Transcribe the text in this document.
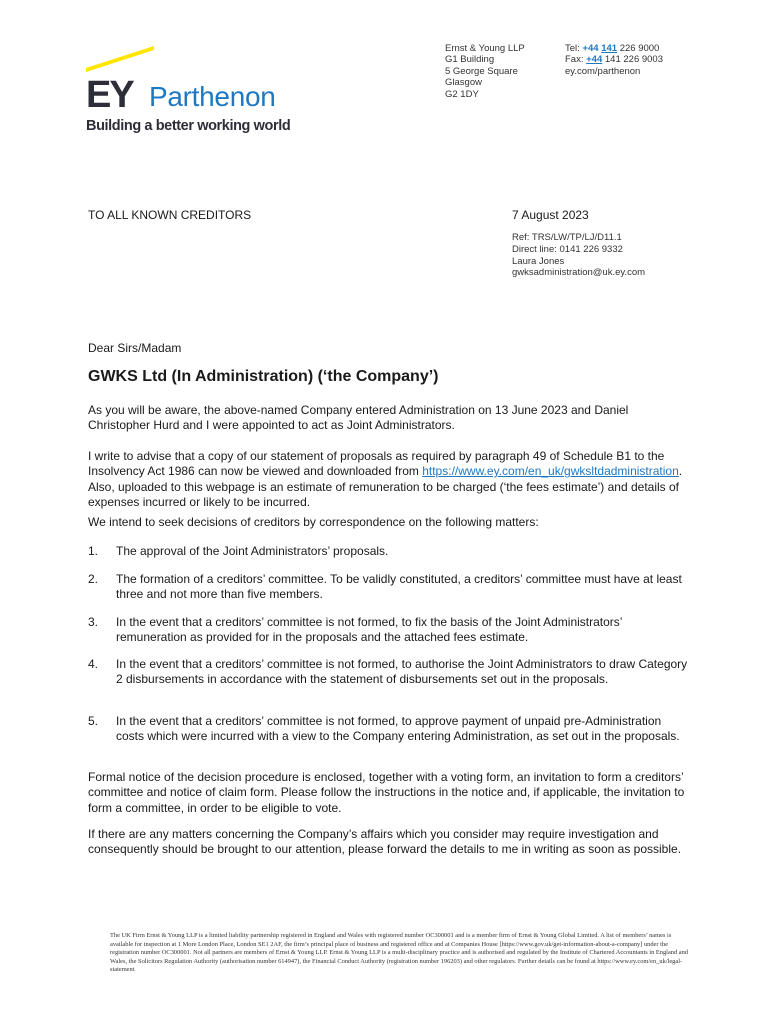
EY Parthenon
Building a better working world
Ernst & Young LLP
G1 Building
5 George Square
Glasgow
G2 1DY
Tel: +44 141 226 9000
Fax: +44 141 226 9003
ey.com/parthenon
TO ALL KNOWN CREDITORS	7 August 2023
Ref: TRS/LW/TP/LJ/D11.1
Direct line: 0141 226 9332
Laura Jones
gwksadministration@uk.ey.com
Dear Sirs/Madam
GWKS Ltd (In Administration) (‘the Company’)
As you will be aware, the above-named Company entered Administration on 13 June 2023 and Daniel Christopher Hurd and I were appointed to act as Joint Administrators.
I write to advise that a copy of our statement of proposals as required by paragraph 49 of Schedule B1 to the Insolvency Act 1986 can now be viewed and downloaded from https://www.ey.com/en_uk/gwksltdadministration. Also, uploaded to this webpage is an estimate of remuneration to be charged (‘the fees estimate’) and details of expenses incurred or likely to be incurred.
We intend to seek decisions of creditors by correspondence on the following matters:
1. The approval of the Joint Administrators’ proposals.
2. The formation of a creditors’ committee. To be validly constituted, a creditors’ committee must have at least three and not more than five members.
3. In the event that a creditors’ committee is not formed, to fix the basis of the Joint Administrators’ remuneration as provided for in the proposals and the attached fees estimate.
4. In the event that a creditors’ committee is not formed, to authorise the Joint Administrators to draw Category 2 disbursements in accordance with the statement of disbursements set out in the proposals.
5. In the event that a creditors’ committee is not formed, to approve payment of unpaid pre-Administration costs which were incurred with a view to the Company entering Administration, as set out in the proposals.
Formal notice of the decision procedure is enclosed, together with a voting form, an invitation to form a creditors’ committee and notice of claim form. Please follow the instructions in the notice and, if applicable, the invitation to form a committee, in order to be eligible to vote.
If there are any matters concerning the Company’s affairs which you consider may require investigation and consequently should be brought to our attention, please forward the details to me in writing as soon as possible.
The UK Firm Ernst & Young LLP is a limited liability partnership registered in England and Wales with registered number OC300001 and is a member firm of Ernst & Young Global Limited. A list of members’ names is available for inspection at 1 More London Place, London SE1 2AF, the firm’s principal place of business and registered office and at Companies House [https://www.gov.uk/get-information-about-a-company] under the registration number OC300001. Not all partners are members of Ernst & Young LLP. Ernst & Young LLP is a multi-disciplinary practice and is authorised and regulated by the Institute of Chartered Accountants in England and Wales, the Solicitors Regulation Authority (authorisation number 614947), the Financial Conduct Authority (registration number 196203) and other regulators. Further details can be found at https://www.ey.com/en_uk/legal-statement
